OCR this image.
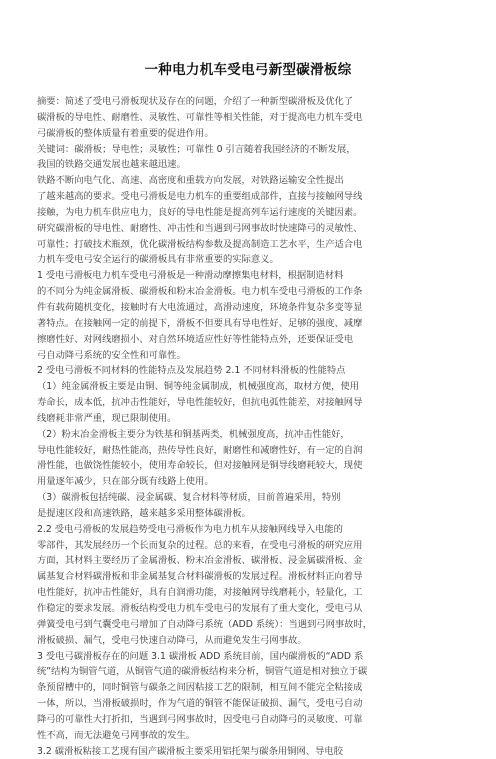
一种电力机车受电弓新型碳滑板综
摘要：简述了受电弓滑板现状及存在的问题，介绍了一种新型碳滑板及优化了
碳滑板的导电性、耐磨性、灵敏性、可靠性等相关性能，对于提高电力机车受电
弓碳滑板的整体质量有着重要的促进作用。
关键词：碳滑板；导电性；灵敏性；可靠性 0 引言随着我国经济的不断发展，
我国的铁路交通发展也越来越迅速。
铁路不断向电气化、高速、高密度和重载方向发展，对铁路运输安全性提出
了越来越高的要求。受电弓滑板是电力机车的重要组成部件，直接与接触网导线
接触，为电力机车供应电力，良好的导电性能是提高列车运行速度的关键因素。
研究碳滑板的导电性、耐磨性、冲击性和当遇到弓网事故时快速降弓的灵敏性、
可靠性；打破技术瓶颈，优化碳滑板结构参数及提高制造工艺水平，生产适合电
力机车受电弓安全运行的碳滑板具有非常重要的实际意义。
1 受电弓滑板电力机车受电弓滑板是一种滑动摩擦集电材料，根据制造材料
的不同分为纯金属滑板、碳滑板和粉末冶金滑板。电力机车受电弓滑板的工作条
件有载荷随机变化，接触时有大电流通过，高滑动速度，环境条件复杂多变等显
著特点。在接触网一定的前提下，滑板不但要具有导电性好、足够的强度、减摩
擦磨性好、对网线磨损小、对自然环境适应性好等性能特点外，还要保证受电
弓自动降弓系统的安全性和可靠性。
2 受电弓滑板不同材料的性能特点及发展趋势 2.1 不同材料滑板的性能特点
（1）纯金属滑板主要是由铜、铜等纯金属制成，机械强度高，取材方便，使用
寿命长，成本低，抗冲击性能好，导电性能较好，但抗电弧性能差，对接触网导
线磨耗非常严重，现已限制使用。
（2）粉末冶金滑板主要分为铁基和铜基两类，机械强度高，抗冲击性能好，
导电性能较好，耐热性能高，热传导性良好，耐磨性和减磨性好，有一定的自润
滑性能，也做饶性能较小，使用寿命较长，但对接触网是铜导线磨耗较大，现使
用量逐年减少，只在部分既有线路上使用。
（3）碳滑板包括纯碳、浸金属碳、复合材料等材质，目前普遍采用，特别
是提速区段和高速铁路，越来越多采用整体碳滑板。
2.2 受电弓滑板的发展趋势受电弓滑板作为电力机车从接触网线导入电能的
零部件，其发展经历一个长而复杂的过程。总的来看，在受电弓滑板的研究应用
方面，其材料主要经历了金属滑板、粉末冶金滑板、碳滑板、浸金属碳滑板、金
属基复合材料碳滑板和非金属基复合材料碳滑板的发展过程。滑板材料正向着导
电性能好，抗冲击性能好，具有自润滑功能，对接触网导线磨耗小，轻量化，工
作稳定的要求发展。滑板结构受电力机车受电弓的发展有了重大变化，受电弓从
弹簧受电弓到气囊受电弓增加了自动降弓系统（ADD 系统）：当遇到弓网事故时，
滑板破损、漏气，受电弓快速自动降弓，从而避免发生弓网事故。
3 受电弓碳滑板存在的问题 3.1 碳滑板 ADD 系统目前，国内碳滑板的“ADD 系
统”结构为铜管气道，从铜管气道的碳滑板结构来分析，铜管气道是相对独立于碳
条预留槽中的，同时铜管与碳条之间因粘接工艺的限制，相互间不能完全粘接成
一体，所以，当滑板破损时，作为气道的铜管不能保证破损、漏气，受电弓自动
降弓的可靠性大打折扣，当遇到弓网事故时，因受电弓自动降弓的灵敏度、可靠
性不高，而无法避免弓网事故的发生。
3.2 碳滑板粘接工艺现有国产碳滑板主要采用铝托架与碳条用铜网、导电胶
